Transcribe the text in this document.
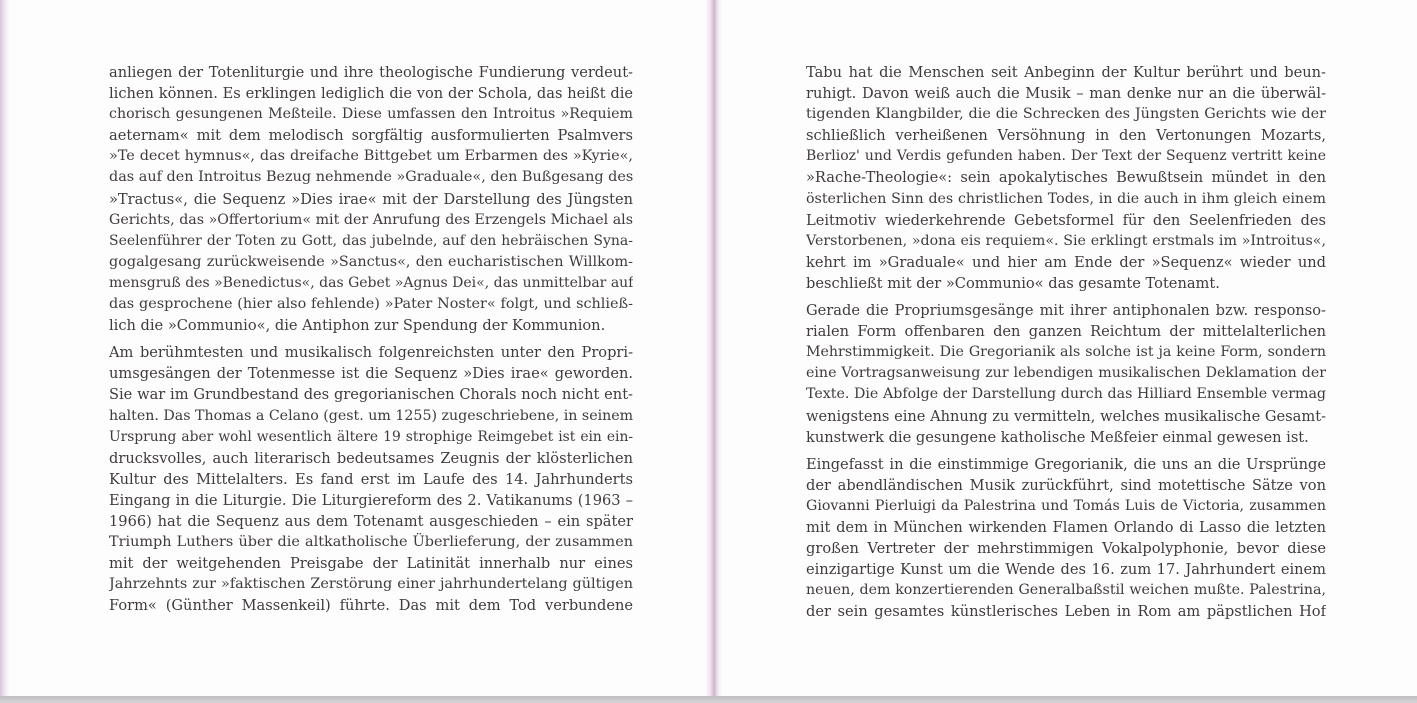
anliegen der Totenliturgie und ihre theologische Fundierung verdeut-
lichen können. Es erklingen lediglich die von der Schola, das heißt die
chorisch gesungenen Meßteile. Diese umfassen den Introitus »Requiem
aeternam« mit dem melodisch sorgfältig ausformulierten Psalmvers
»Te decet hymnus«, das dreifache Bittgebet um Erbarmen des »Kyrie«,
das auf den Introitus Bezug nehmende »Graduale«, den Bußgesang des
»Tractus«, die Sequenz »Dies irae« mit der Darstellung des Jüngsten
Gerichts, das »Offertorium« mit der Anrufung des Erzengels Michael als
Seelenführer der Toten zu Gott, das jubelnde, auf den hebräischen Syna-
gogalgesang zurückweisende »Sanctus«, den eucharistischen Willkom-
mensgruß des »Benedictus«, das Gebet »Agnus Dei«, das unmittelbar auf
das gesprochene (hier also fehlende) »Pater Noster« folgt, und schließ-
lich die »Communio«, die Antiphon zur Spendung der Kommunion.

Am berühmtesten und musikalisch folgenreichsten unter den Propri-
umsgesängen der Totenmesse ist die Sequenz »Dies irae« geworden.
Sie war im Grundbestand des gregorianischen Chorals noch nicht ent-
halten. Das Thomas a Celano (gest. um 1255) zugeschriebene, in seinem
Ursprung aber wohl wesentlich ältere 19 strophige Reimgebet ist ein ein-
drucksvolles, auch literarisch bedeutsames Zeugnis der klösterlichen
Kultur des Mittelalters. Es fand erst im Laufe des 14. Jahrhunderts
Eingang in die Liturgie. Die Liturgiereform des 2. Vatikanums (1963 –
1966) hat die Sequenz aus dem Totenamt ausgeschieden – ein später
Triumph Luthers über die altkatholische Überlieferung, der zusammen
mit der weitgehenden Preisgabe der Latinität innerhalb nur eines
Jahrzehnts zur »faktischen Zerstörung einer jahrhundertelang gültigen
Form« (Günther Massenkeil) führte. Das mit dem Tod verbundene

Tabu hat die Menschen seit Anbeginn der Kultur berührt und beun-
ruhigt. Davon weiß auch die Musik – man denke nur an die überwäl-
tigenden Klangbilder, die die Schrecken des Jüngsten Gerichts wie der
schließlich verheißenen Versöhnung in den Vertonungen Mozarts,
Berlioz' und Verdis gefunden haben. Der Text der Sequenz vertritt keine
»Rache-Theologie«: sein apokalytisches Bewußtsein mündet in den
österlichen Sinn des christlichen Todes, in die auch in ihm gleich einem
Leitmotiv wiederkehrende Gebetsformel für den Seelenfrieden des
Verstorbenen, »dona eis requiem«. Sie erklingt erstmals im »Introitus«,
kehrt im »Graduale« und hier am Ende der »Sequenz« wieder und
beschließt mit der »Communio« das gesamte Totenamt.

Gerade die Propriumsgesänge mit ihrer antiphonalen bzw. responso-
rialen Form offenbaren den ganzen Reichtum der mittelalterlichen
Mehrstimmigkeit. Die Gregorianik als solche ist ja keine Form, sondern
eine Vortragsanweisung zur lebendigen musikalischen Deklamation der
Texte. Die Abfolge der Darstellung durch das Hilliard Ensemble vermag
wenigstens eine Ahnung zu vermitteln, welches musikalische Gesamt-
kunstwerk die gesungene katholische Meßfeier einmal gewesen ist.

Eingefasst in die einstimmige Gregorianik, die uns an die Ursprünge
der abendländischen Musik zurückführt, sind motettische Sätze von
Giovanni Pierluigi da Palestrina und Tomás Luis de Victoria, zusammen
mit dem in München wirkenden Flamen Orlando di Lasso die letzten
großen Vertreter der mehrstimmigen Vokalpolyphonie, bevor diese
einzigartige Kunst um die Wende des 16. zum 17. Jahrhundert einem
neuen, dem konzertierenden Generalbaßstil weichen mußte. Palestrina,
der sein gesamtes künstlerisches Leben in Rom am päpstlichen Hof
